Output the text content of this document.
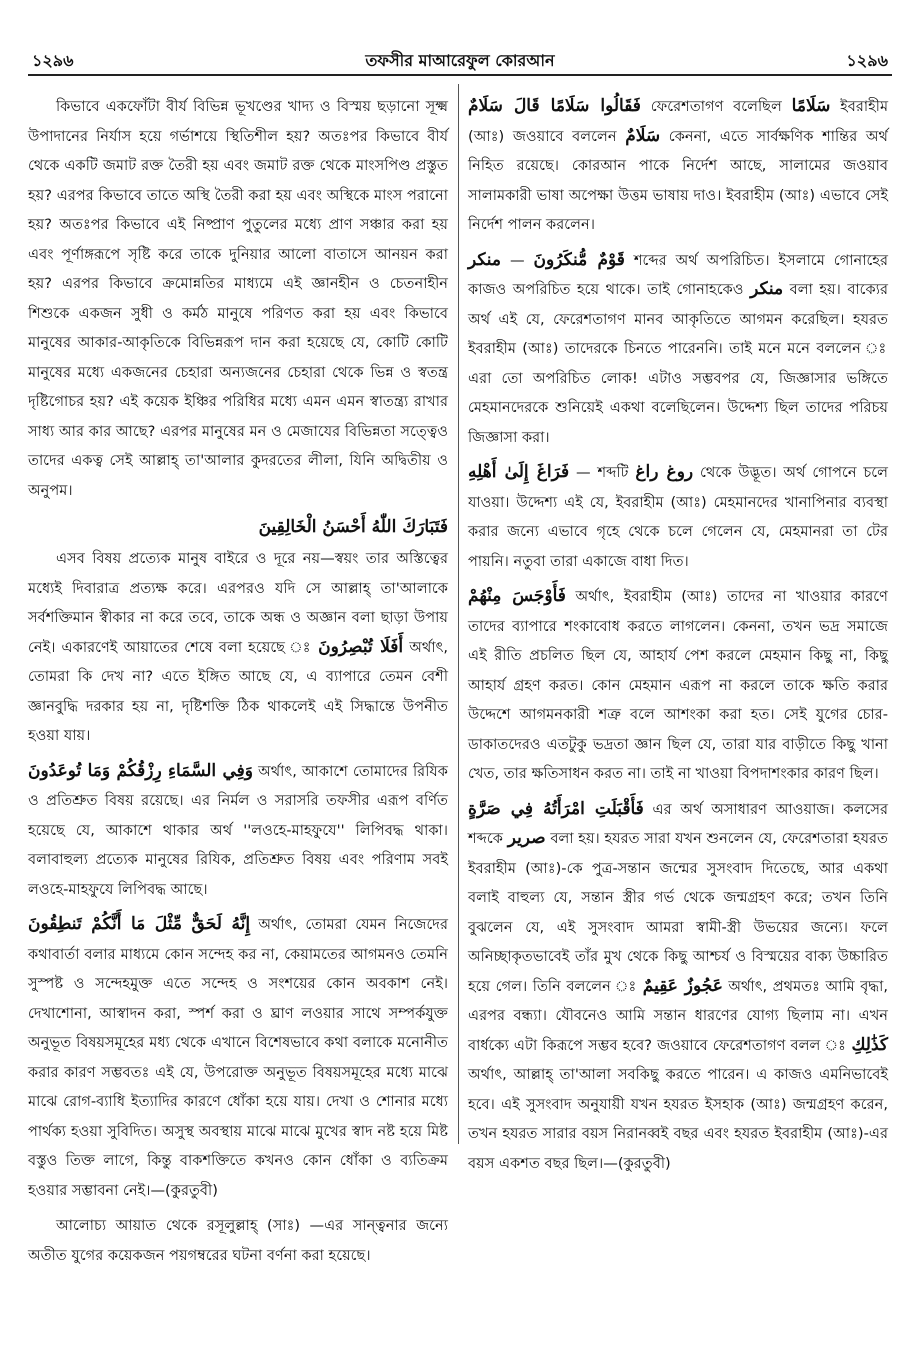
১২৯৬	তফসীর মাআরেফুল কোরআন	১২৯৬

কিভাবে একফোঁটা বীর্য বিভিন্ন ভূখণ্ডের খাদ্য ও বিস্ময় ছড়ানো সূক্ষ্ম উপাদানের নির্যাস হয়ে গর্ভাশয়ে স্থিতিশীল হয়? অতঃপর কিভাবে বীর্য থেকে একটি জমাট রক্ত তৈরী হয় এবং জমাট রক্ত থেকে মাংসপিণ্ড প্রস্তুত হয়? এরপর কিভাবে তাতে অস্থি তৈরী করা হয় এবং অস্থিকে মাংস পরানো হয়? অতঃপর কিভাবে এই নিষ্প্রাণ পুতুলের মধ্যে প্রাণ সঞ্চার করা হয় এবং পূর্ণাঙ্গরূপে সৃষ্টি করে তাকে দুনিয়ার আলো বাতাসে আনয়ন করা হয়? এরপর কিভাবে ক্রমোন্নতির মাধ্যমে এই জ্ঞানহীন ও চেতনাহীন শিশুকে একজন সুধী ও কর্মঠ মানুষে পরিণত করা হয় এবং কিভাবে মানুষের আকার-আকৃতিকে বিভিন্নরূপ দান করা হয়েছে যে, কোটি কোটি মানুষের মধ্যে একজনের চেহারা অন্যজনের চেহারা থেকে ভিন্ন ও স্বতন্ত্র দৃষ্টিগোচর হয়? এই কয়েক ইঞ্চির পরিধির মধ্যে এমন এমন স্বাতন্ত্র্য রাখার সাধ্য আর কার আছে? এরপর মানুষের মন ও মেজাযের বিভিন্নতা সত্ত্বেও তাদের একত্ব সেই আল্লাহ্ তা'আলার কুদরতের লীলা, যিনি অদ্বিতীয় ও অনুপম।

فَتَبَارَكَ اللّٰهُ أَحْسَنُ الْخَالِقِينَ

এসব বিষয় প্রত্যেক মানুষ বাইরে ও দূরে নয়—স্বয়ং তার অস্তিত্বের মধ্যেই দিবারাত্র প্রত্যক্ষ করে। এরপরও যদি সে আল্লাহ্ তা'আলাকে সর্বশক্তিমান স্বীকার না করে তবে, তাকে অন্ধ ও অজ্ঞান বলা ছাড়া উপায় নেই। একারণেই আয়াতের শেষে বলা হয়েছে ঃ أَفَلَا تُبْصِرُونَ অর্থাৎ, তোমরা কি দেখ না? এতে ইঙ্গিত আছে যে, এ ব্যাপারে তেমন বেশী জ্ঞানবুদ্ধি দরকার হয় না, দৃষ্টিশক্তি ঠিক থাকলেই এই সিদ্ধান্তে উপনীত হওয়া যায়।

وَفِي السَّمَاءِ رِزْقُكُمْ وَمَا تُوعَدُونَ অর্থাৎ, আকাশে তোমাদের রিযিক ও প্রতিশ্রুত বিষয় রয়েছে। এর নির্মল ও সরাসরি তফসীর এরূপ বর্ণিত হয়েছে যে, আকাশে থাকার অর্থ ''লওহে-মাহফুযে'' লিপিবদ্ধ থাকা। বলাবাহুল্য প্রত্যেক মানুষের রিযিক, প্রতিশ্রুত বিষয় এবং পরিণাম সবই লওহে-মাহফুযে লিপিবদ্ধ আছে।

إِنَّهُ لَحَقٌّ مِّثْلَ مَا أَنَّكُمْ تَنطِقُونَ অর্থাৎ, তোমরা যেমন নিজেদের কথাবার্তা বলার মাধ্যমে কোন সন্দেহ কর না, কেয়ামতের আগমনও তেমনি সুস্পষ্ট ও সন্দেহমুক্ত এতে সন্দেহ ও সংশয়ের কোন অবকাশ নেই। দেখাশোনা, আস্বাদন করা, স্পর্শ করা ও ঘ্রাণ লওয়ার সাথে সম্পর্কযুক্ত অনুভূত বিষয়সমূহের মধ্য থেকে এখানে বিশেষভাবে কথা বলাকে মনোনীত করার কারণ সম্ভবতঃ এই যে, উপরোক্ত অনুভূত বিষয়সমূহের মধ্যে মাঝে মাঝে রোগ-ব্যাধি ইত্যাদির কারণে ধোঁকা হয়ে যায়। দেখা ও শোনার মধ্যে পার্থক্য হওয়া সুবিদিত। অসুস্থ অবস্থায় মাঝে মাঝে মুখের স্বাদ নষ্ট হয়ে মিষ্ট বস্তুও তিক্ত লাগে, কিন্তু বাকশক্তিতে কখনও কোন ধোঁকা ও ব্যতিক্রম হওয়ার সম্ভাবনা নেই।—(কুরতুবী)

আলোচ্য আয়াত থেকে রসূলুল্লাহ্ (সাঃ) —এর সান্ত্বনার জন্যে অতীত যুগের কয়েকজন পয়গম্বরের ঘটনা বর্ণনা করা হয়েছে।

فَقَالُوا سَلَامًا قَالَ سَلَامٌ ফেরেশতাগণ বলেছিল سَلَامًا ইবরাহীম (আঃ) জওয়াবে বললেন سَلَامٌ কেননা, এতে সার্বক্ষণিক শান্তির অর্থ নিহিত রয়েছে। কোরআন পাকে নির্দেশ আছে, সালামের জওয়াব সালামকারী ভাষা অপেক্ষা উত্তম ভাষায় দাও। ইবরাহীম (আঃ) এভাবে সেই নির্দেশ পালন করলেন।

قَوْمٌ مُّنكَرُونَ — منكر	শব্দের অর্থ অপরিচিত। ইসলামে গোনাহের কাজও অপরিচিত হয়ে থাকে। তাই গোনাহকেও منكر বলা হয়। বাক্যের অর্থ এই যে, ফেরেশতাগণ মানব আকৃতিতে আগমন করেছিল। হযরত ইবরাহীম (আঃ) তাদেরকে চিনতে পারেননি। তাই মনে মনে বললেন ঃ এরা তো অপরিচিত লোক! এটাও সম্ভবপর যে, জিজ্ঞাসার ভঙ্গিতে মেহমানদেরকে শুনিয়েই একথা বলেছিলেন। উদ্দেশ্য ছিল তাদের পরিচয় জিজ্ঞাসা করা।

فَرَاغَ إِلَىٰ أَهْلِهِ — শব্দটি روغ راغ থেকে উদ্ভূত। অর্থ গোপনে চলে যাওয়া। উদ্দেশ্য এই যে, ইবরাহীম (আঃ) মেহমানদের খানাপিনার ব্যবস্থা করার জন্যে এভাবে গৃহে থেকে চলে গেলেন যে, মেহমানরা তা টের পায়নি। নতুবা তারা একাজে বাধা দিত।

فَأَوْجَسَ مِنْهُمْ অর্থাৎ, ইবরাহীম (আঃ) তাদের না খাওয়ার কারণে তাদের ব্যাপারে শংকাবোধ করতে লাগলেন। কেননা, তখন ভদ্র সমাজে এই রীতি প্রচলিত ছিল যে, আহার্য পেশ করলে মেহমান কিছু না, কিছু আহার্য গ্রহণ করত। কোন মেহমান এরূপ না করলে তাকে ক্ষতি করার উদ্দেশে আগমনকারী শত্রু বলে আশংকা করা হত। সেই যুগের চোর-ডাকাতদেরও এতটুকু ভদ্রতা জ্ঞান ছিল যে, তারা যার বাড়ীতে কিছু খানা খেত, তার ক্ষতিসাধন করত না। তাই না খাওয়া বিপদাশংকার কারণ ছিল।

فَأَقْبَلَتِ امْرَأَتُهُ فِي صَرَّةٍ এর অর্থ অসাধারণ আওয়াজ। কলসের শব্দকে صرير বলা হয়। হযরত সারা যখন শুনলেন যে, ফেরেশতারা হযরত ইবরাহীম (আঃ)-কে পুত্র-সন্তান জন্মের সুসংবাদ দিতেছে, আর একথা বলাই বাহুল্য যে, সন্তান স্ত্রীর গর্ভ থেকে জন্মগ্রহণ করে; তখন তিনি বুঝলেন যে, এই সুসংবাদ আমরা স্বামী-স্ত্রী উভয়ের জন্যে। ফলে অনিচ্ছাকৃতভাবেই তাঁর মুখ থেকে কিছু আশ্চর্য ও বিস্ময়ের বাক্য উচ্চারিত হয়ে গেল। তিনি বললেন ঃ عَجُوزٌ عَقِيمٌ অর্থাৎ, প্রথমতঃ আমি বৃদ্ধা, এরপর বন্ধ্যা। যৌবনেও আমি সন্তান ধারণের যোগ্য ছিলাম না। এখন বার্ধক্যে এটা কিরূপে সম্ভব হবে? জওয়াবে ফেরেশতাগণ বলল ঃ كَذَٰلِكِ অর্থাৎ, আল্লাহ্ তা'আলা সবকিছু করতে পারেন। এ কাজও এমনিভাবেই হবে। এই সুসংবাদ অনুযায়ী যখন হযরত ইসহাক (আঃ) জন্মগ্রহণ করেন, তখন হযরত সারার বয়স নিরানব্বই বছর এবং হযরত ইবরাহীম (আঃ)-এর বয়স একশত বছর ছিল।—(কুরতুবী)
